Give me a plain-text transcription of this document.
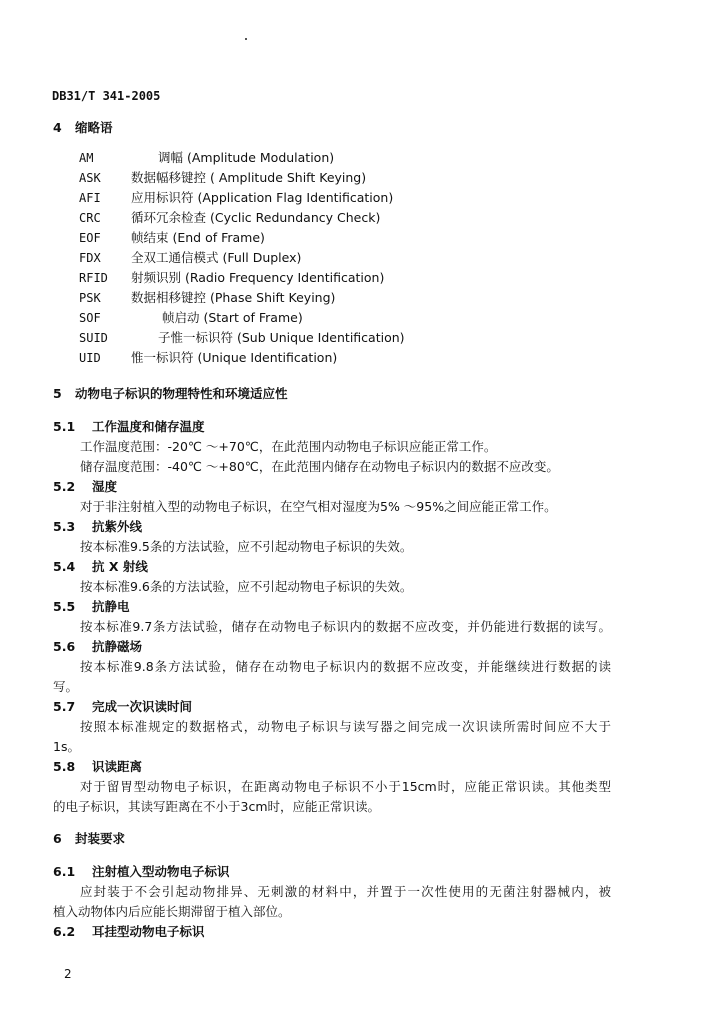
DB31/T 341-2005
4 缩略语
AM	调幅 (Amplitude Modulation)
ASK 数据幅移键控 ( Amplitude Shift Keying)
AFI 应用标识符 (Application Flag Identification)
CRC 循环冗余检查 (Cyclic Redundancy Check)
EOF 帧结束 (End of Frame)
FDX 全双工通信模式 (Full Duplex)
RFID 射频识别 (Radio Frequency Identification)
PSK 数据相移键控 (Phase Shift Keying)
SOF	帧启动 (Start of Frame)
SUID	子惟一标识符 (Sub Unique Identification)
UID 惟一标识符 (Unique Identification)
5 动物电子标识的物理特性和环境适应性
5.1 工作温度和储存温度
工作温度范围：-20℃ ～+70℃，在此范围内动物电子标识应能正常工作。
储存温度范围：-40℃ ～+80℃，在此范围内储存在动物电子标识内的数据不应改变。
5.2 湿度
对于非注射植入型的动物电子标识，在空气相对湿度为5% ～95%之间应能正常工作。
5.3 抗紫外线
按本标准9.5条的方法试验，应不引起动物电子标识的失效。
5.4 抗 X 射线
按本标准9.6条的方法试验，应不引起动物电子标识的失效。
5.5 抗静电
按本标准9.7条方法试验，储存在动物电子标识内的数据不应改变，并仍能进行数据的读写。
5.6 抗静磁场
按本标准9.8条方法试验，储存在动物电子标识内的数据不应改变，并能继续进行数据的读
写。
5.7 完成一次识读时间
按照本标准规定的数据格式，动物电子标识与读写器之间完成一次识读所需时间应不大于
1s。
5.8 识读距离
对于留胃型动物电子标识，在距离动物电子标识不小于15cm时，应能正常识读。其他类型
的电子标识，其读写距离在不小于3cm时，应能正常识读。
6 封装要求
6.1 注射植入型动物电子标识
应封装于不会引起动物排异、无刺激的材料中，并置于一次性使用的无菌注射器械内，被
植入动物体内后应能长期滞留于植入部位。
6.2 耳挂型动物电子标识
2
